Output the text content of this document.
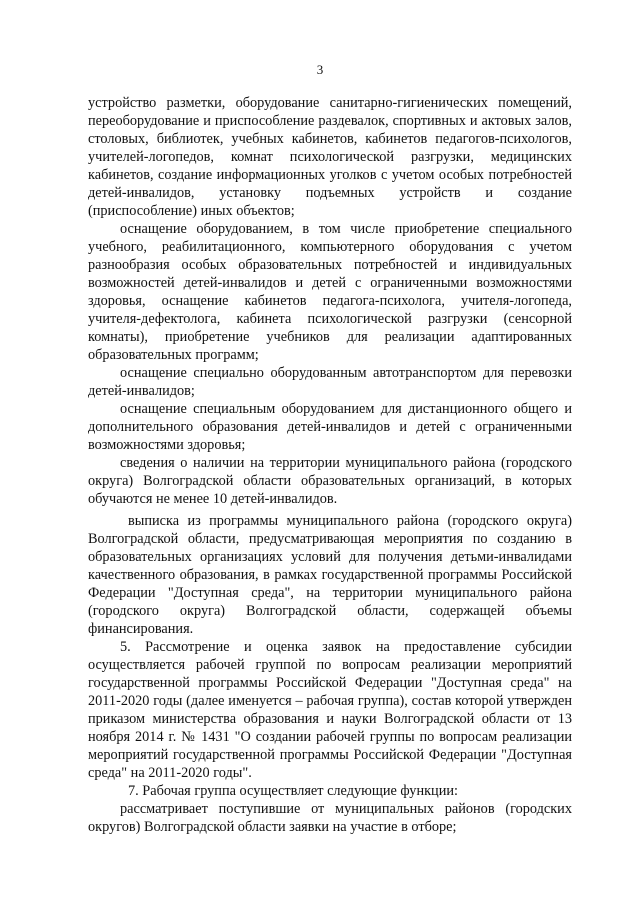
3

устройство разметки, оборудование санитарно-гигиенических помещений, переоборудование и приспособление раздевалок, спортивных и актовых залов, столовых, библиотек, учебных кабинетов, кабинетов педагогов-психологов, учителей-логопедов, комнат психологической разгрузки, медицинских кабинетов, создание информационных уголков с учетом особых потребностей детей-инвалидов, установку подъемных устройств и создание (приспособление) иных объектов;

оснащение оборудованием, в том числе приобретение специального учебного, реабилитационного, компьютерного оборудования с учетом разнообразия особых образовательных потребностей и индивидуальных возможностей детей-инвалидов и детей с ограниченными возможностями здоровья, оснащение кабинетов педагога-психолога, учителя-логопеда, учителя-дефектолога, кабинета психологической разгрузки (сенсорной комнаты), приобретение учебников для реализации адаптированных образовательных программ;

оснащение специально оборудованным автотранспортом для перевозки детей-инвалидов;

оснащение специальным оборудованием для дистанционного общего и дополнительного образования детей-инвалидов и детей с ограниченными возможностями здоровья;

сведения о наличии на территории муниципального района (городского округа) Волгоградской области образовательных организаций, в которых обучаются не менее 10 детей-инвалидов.

выписка из программы муниципального района (городского округа) Волгоградской области, предусматривающая мероприятия по созданию в образовательных организациях условий для получения детьми-инвалидами качественного образования, в рамках государственной программы Российской Федерации "Доступная среда", на территории муниципального района (городского округа) Волгоградской области, содержащей объемы финансирования.

5. Рассмотрение и оценка заявок на предоставление субсидии осуществляется рабочей группой по вопросам реализации мероприятий государственной программы Российской Федерации "Доступная среда" на 2011-2020 годы (далее именуется – рабочая группа), состав которой утвержден приказом министерства образования и науки Волгоградской области от 13 ноября 2014 г. № 1431 "О создании рабочей группы по вопросам реализации мероприятий государственной программы Российской Федерации "Доступная среда" на 2011-2020 годы".

7. Рабочая группа осуществляет следующие функции:

рассматривает поступившие от муниципальных районов (городских округов) Волгоградской области заявки на участие в отборе;
